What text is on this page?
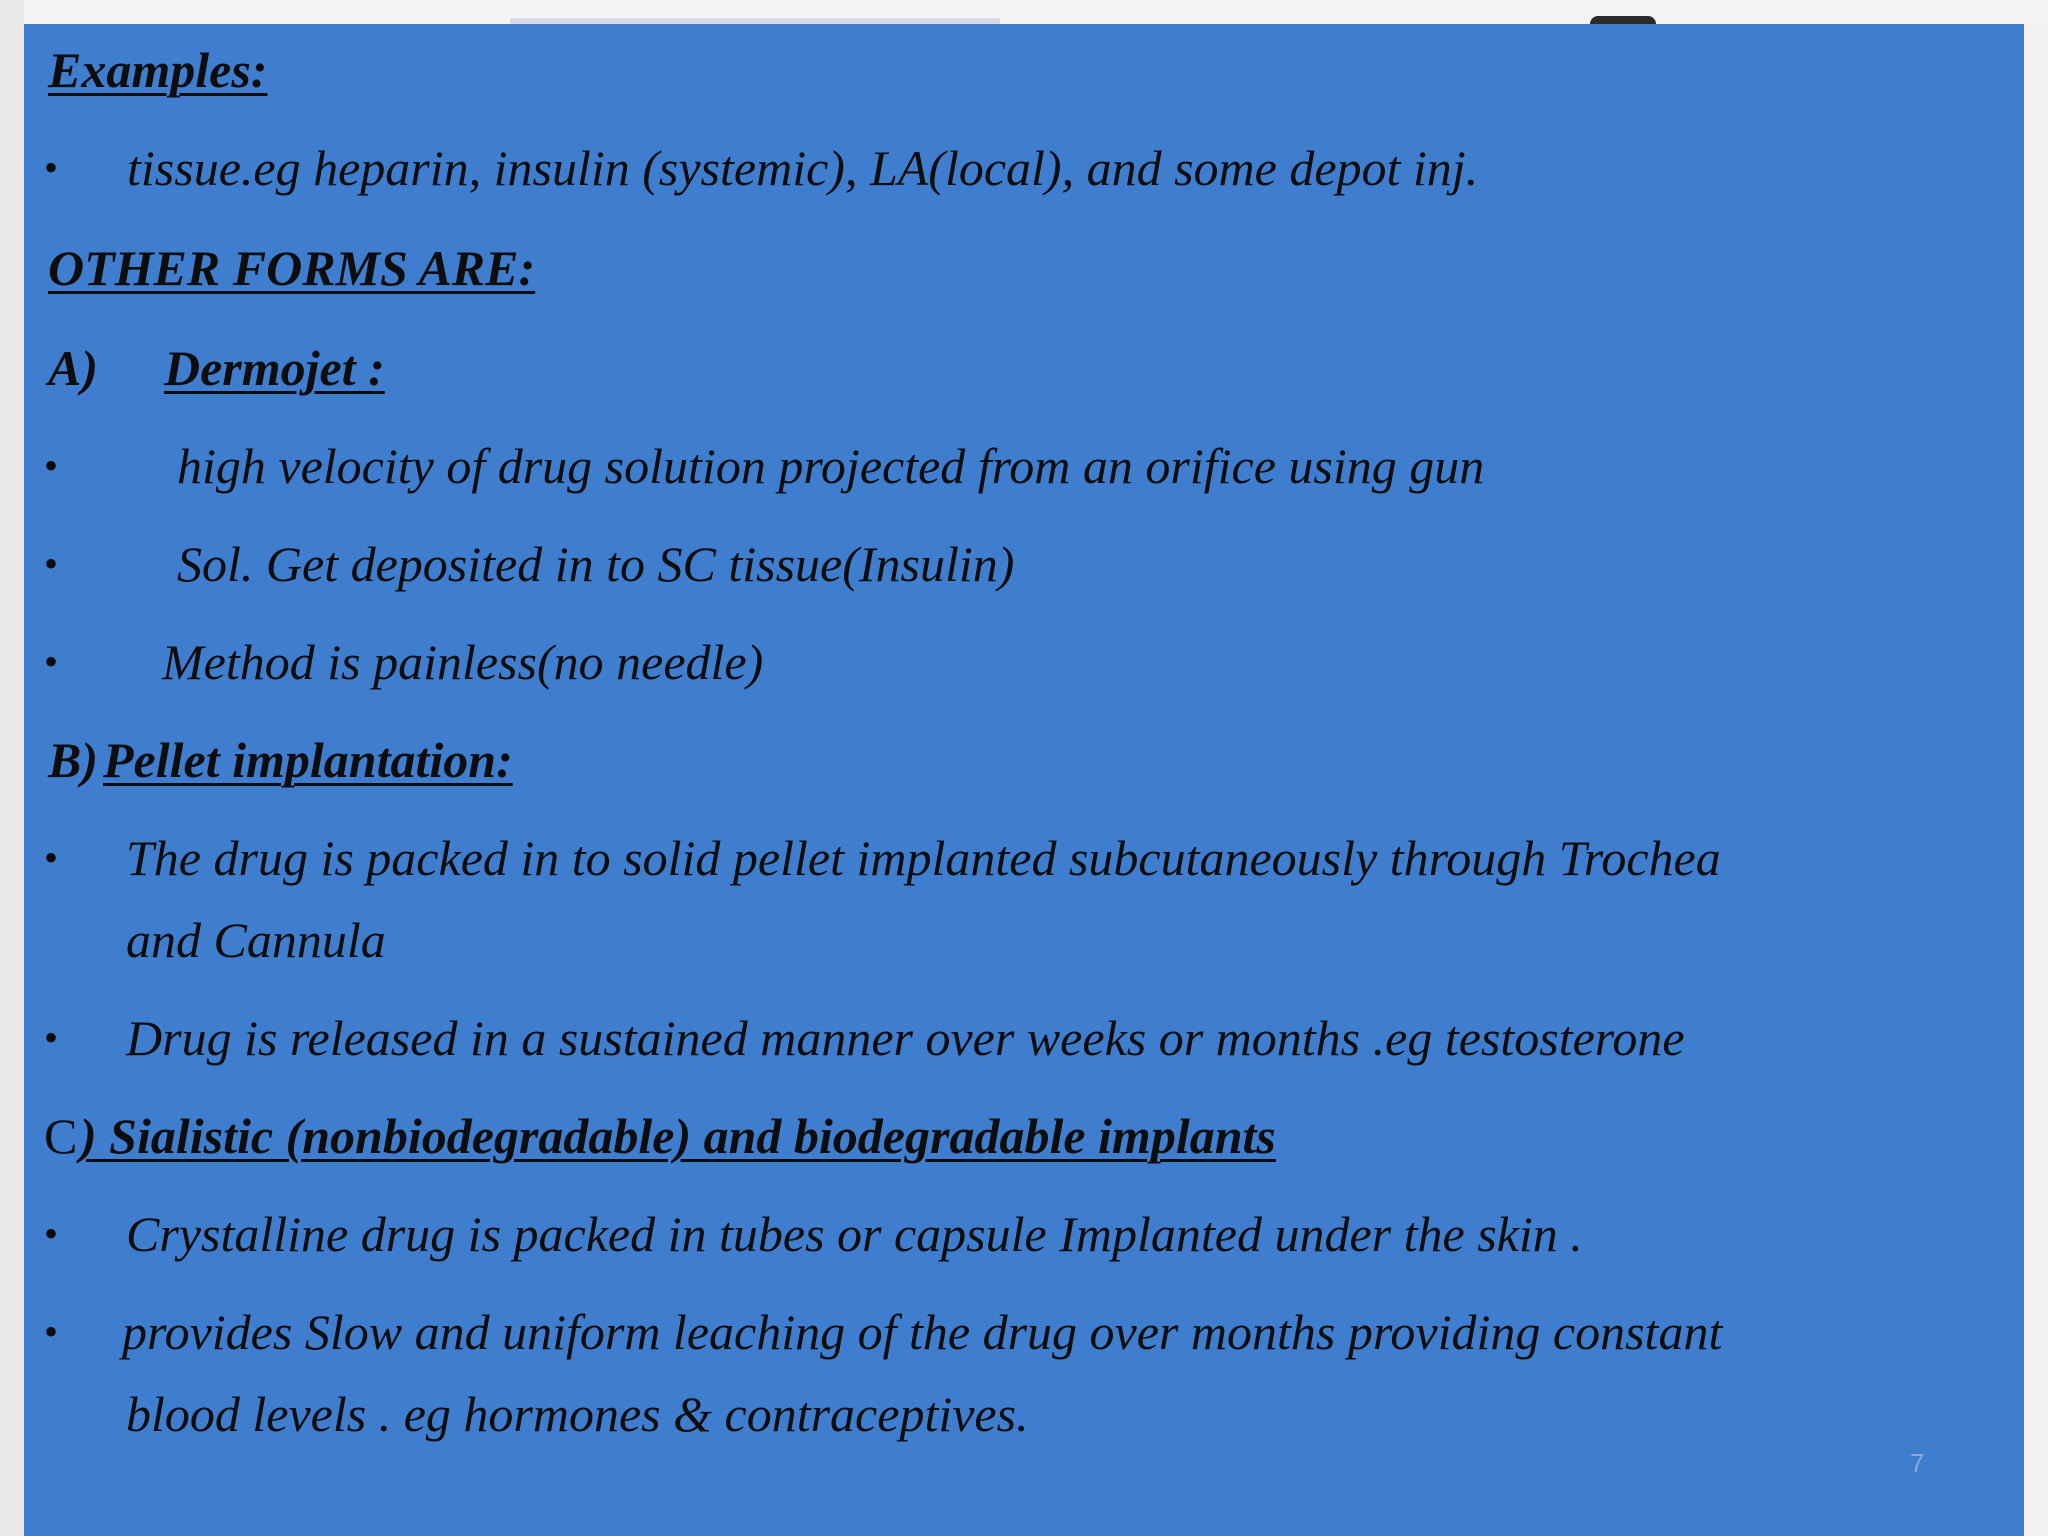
Examples:
• tissue.eg heparin, insulin (systemic), LA(local), and some depot inj.
OTHER FORMS ARE:
A) Dermojet :
• high velocity of drug solution projected from an orifice using gun
• Sol. Get deposited in to SC tissue(Insulin)
• Method is painless(no needle)
B) Pellet implantation:
• The drug is packed in to solid pellet implanted subcutaneously through Trochea
and Cannula
• Drug is released in a sustained manner over weeks or months .eg testosterone
C ) Sialistic (nonbiodegradable) and biodegradable implants
• Crystalline drug is packed in tubes or capsule Implanted under the skin .
• provides Slow and uniform leaching of the drug over months providing constant
blood levels . eg hormones & contraceptives.
7
